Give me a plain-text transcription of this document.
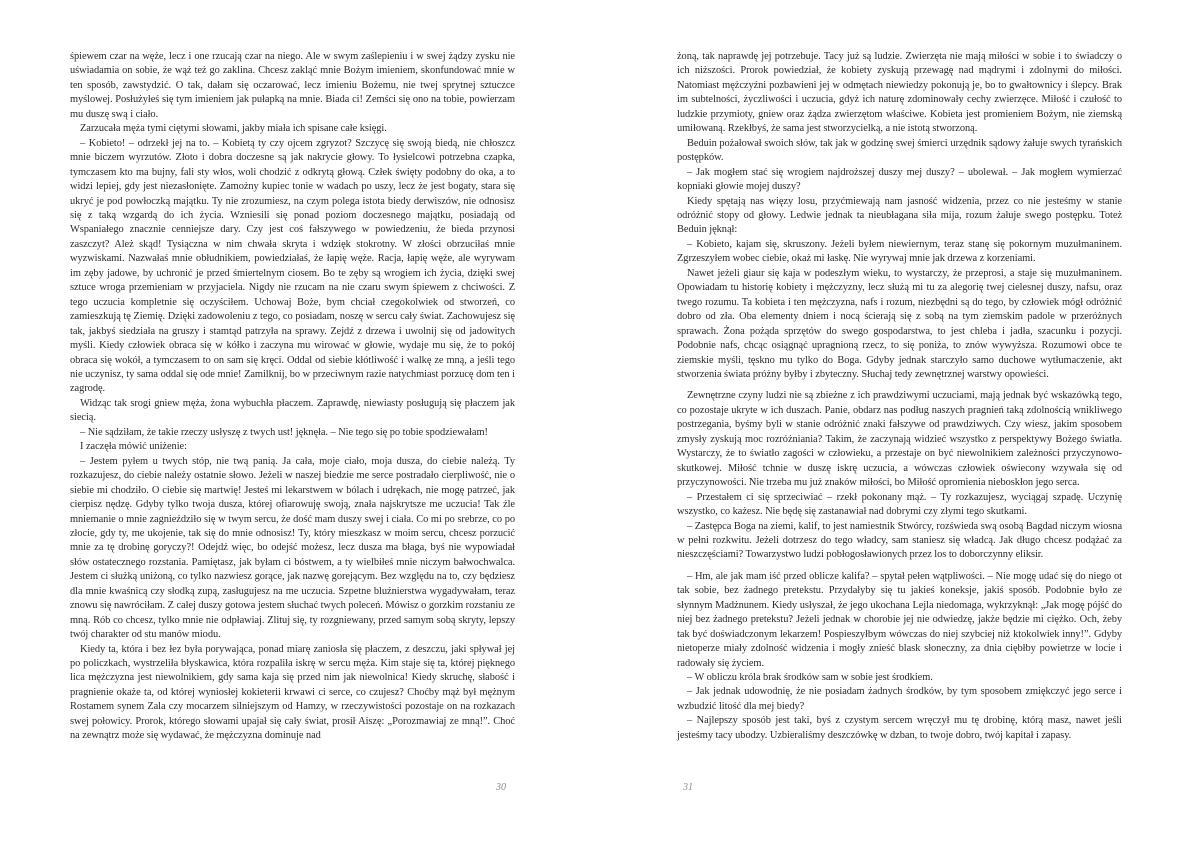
śpiewem czar na węże, lecz i one rzucają czar na niego. Ale w swym zaślepieniu i w swej żądzy zysku nie uświadamia on sobie, że wąż też go zaklina. Chcesz zakląć mnie Bożym imieniem, skonfundować mnie w ten sposób, zawstydzić. O tak, dałam się oczarować, lecz imieniu Bożemu, nie twej sprytnej sztuczce myślowej. Posłużyłeś się tym imieniem jak pułapką na mnie. Biada ci! Zemści się ono na tobie, powierzam mu duszę swą i ciało.

Zarzucała męża tymi ciętymi słowami, jakby miała ich spisane całe księgi.

– Kobieto! – odrzekł jej na to. – Kobietą ty czy ojcem zgryzot? Szczycę się swoją biedą, nie chłoszcz mnie biczem wyrzutów. Złoto i dobra doczesne są jak nakrycie głowy. To łysielcowi potrzebna czapka, tymczasem kto ma bujny, fali sty włos, woli chodzić z odkrytą głową. Człek święty podobny do oka, a to widzi lepiej, gdy jest niezasłonięte. Zamożny kupiec tonie w wadach po uszy, lecz że jest bogaty, stara się ukryć je pod powłoczką majątku. Ty nie zrozumiesz, na czym polega istota biedy derwiszów, nie odnosisz się z taką wzgardą do ich życia. Wzniesili się ponad poziom doczesnego majątku, posiadają od Wspaniałego znacznie cenniejsze dary. Czy jest coś fałszywego w powiedzeniu, że bieda przynosi zaszczyt? Ależ skąd! Tysiączna w nim chwała skryta i wdzięk stokrotny. W złości obrzuciłaś mnie wyzwiskami. Nazwałaś mnie obłudnikiem, powiedziałaś, że łapię węże. Racja, łapię węże, ale wyrywam im zęby jadowe, by uchronić je przed śmiertelnym ciosem. Bo te zęby są wrogiem ich życia, dzięki swej sztuce wroga przemieniam w przyjaciela. Nigdy nie rzucam na nie czaru swym śpiewem z chciwości. Z tego uczucia kompletnie się oczyściłem. Uchowaj Boże, bym chciał czegokolwiek od stworzeń, co zamieszkują tę Ziemię. Dzięki zadowoleniu z tego, co posiadam, noszę w sercu cały świat. Zachowujesz się tak, jakbyś siedziała na gruszy i stamtąd patrzyła na sprawy. Zejdź z drzewa i uwolnij się od jadowitych myśli. Kiedy człowiek obraca się w kółko i zaczyna mu wirować w głowie, wydaje mu się, że to pokój obraca się wokół, a tymczasem to on sam się kręci. Oddal od siebie kłótliwość i walkę ze mną, a jeśli tego nie uczynisz, ty sama oddal się ode mnie! Zamilknij, bo w przeciwnym razie natychmiast porzucę dom ten i zagrodę.

Widząc tak srogi gniew męża, żona wybuchła płaczem. Zaprawdę, niewiasty posługują się płaczem jak siecią.

– Nie sądziłam, że takie rzeczy usłyszę z twych ust! jęknęła. – Nie tego się po tobie spodziewałam!

I zaczęła mówić uniżenie:

– Jestem pyłem u twych stóp, nie twą panią. Ja cała, moje ciało, moja dusza, do ciebie należą. Ty rozkazujesz, do ciebie należy ostatnie słowo. Jeżeli w naszej biedzie me serce postradało cierpliwość, nie o siebie mi chodziło. O ciebie się martwię! Jesteś mi lekarstwem w bólach i udrękach, nie mogę patrzeć, jak cierpisz nędzę. Gdyby tylko twoja dusza, której ofiarowuję swoją, znała najskrytsze me uczucia! Tak źle mniemanie o mnie zagnieździło się w twym sercu, że dość mam duszy swej i ciała. Co mi po srebrze, co po złocie, gdy ty, me ukojenie, tak się do mnie odnosisz! Ty, który mieszkasz w moim sercu, chcesz porzucić mnie za tę drobinę goryczy?! Odejdź więc, bo odejść możesz, lecz dusza ma błaga, byś nie wypowiadał słów ostatecznego rozstania. Pamiętasz, jak byłam ci bóstwem, a ty wielbiłeś mnie niczym bałwochwalca. Jestem ci służką uniżoną, co tylko nazwiesz gorące, jak nazwę gorejącym. Bez względu na to, czy będziesz dla mnie kwaśnicą czy słodką zupą, zasługujesz na me uczucia. Szpetne bluźnierstwa wygadywałam, teraz znowu się nawróciłam. Z całej duszy gotowa jestem słuchać twych poleceń. Mówisz o gorzkim rozstaniu ze mną. Rób co chcesz, tylko mnie nie odpławiaj. Zlituj się, ty rozgniewany, przed samym sobą skryty, lepszy twój charakter od stu manów miodu.

Kiedy ta, która i bez łez była porywająca, ponad miarę zaniosła się płaczem, z deszczu, jaki spływał jej po policzkach, wystrzeliła błyskawica, która rozpaliła iskrę w sercu męża. Kim staje się ta, której pięknego lica mężczyzna jest niewolnikiem, gdy sama kaja się przed nim jak niewolnica! Kiedy skruchę, słabość i pragnienie okaże ta, od której wyniosłej kokieterii krwawi ci serce, co czujesz? Choćby mąż był mężnym Rostamem synem Zala czy mocarzem silniejszym od Hamzy, w rzeczywistości pozostaje on na rozkazach swej połowicy. Prorok, którego słowami upajał się cały świat, prosił Aiszę: „Porozmawiaj ze mną!”. Choć na zewnątrz może się wydawać, że mężczyzna dominuje nad

30

żoną, tak naprawdę jej potrzebuje. Tacy już są ludzie. Zwierzęta nie mają miłości w sobie i to świadczy o ich niższości. Prorok powiedział, że kobiety zyskują przewagę nad mądrymi i zdolnymi do miłości. Natomiast mężczyźni pozbawieni jej w odmętach niewiedzy pokonują je, bo to gwałtownicy i ślepcy. Brak im subtelności, życzliwości i uczucia, gdyż ich naturę zdominowały cechy zwierzęce. Miłość i czułość to ludzkie przymioty, gniew oraz żądza zwierzętom właściwe. Kobieta jest promieniem Bożym, nie ziemską umiłowaną. Rzekłbyś, że sama jest stworzycielką, a nie istotą stworzoną.

Beduin pożałował swoich słów, tak jak w godzinę swej śmierci urzędnik sądowy żałuje swych tyrańskich postępków.

– Jak mogłem stać się wrogiem najdroższej duszy mej duszy? – ubolewał. – Jak mogłem wymierzać kopniaki głowie mojej duszy?

Kiedy spętają nas więzy losu, przyćmiewają nam jasność widzenia, przez co nie jesteśmy w stanie odróżnić stopy od głowy. Ledwie jednak ta nieubłagana siła mija, rozum żałuje swego postępku. Toteż Beduin jęknął:

– Kobieto, kajam się, skruszony. Jeżeli byłem niewiernym, teraz stanę się pokornym muzułmaninem. Zgrzeszyłem wobec ciebie, okaż mi łaskę. Nie wyrywaj mnie jak drzewa z korzeniami.

Nawet jeżeli giaur się kaja w podeszłym wieku, to wystarczy, że przeprosi, a staje się muzułmaninem. Opowiadam tu historię kobiety i mężczyzny, lecz służą mi tu za alegorię twej cielesnej duszy, nafsu, oraz twego rozumu. Ta kobieta i ten mężczyzna, nafs i rozum, niezbędni są do tego, by człowiek mógł odróżnić dobro od zła. Oba elementy dniem i nocą ścierają się z sobą na tym ziemskim padole w przeróżnych sprawach. Żona pożąda sprzętów do swego gospodarstwa, to jest chleba i jadła, szacunku i pozycji. Podobnie nafs, chcąc osiągnąć upragnioną rzecz, to się poniża, to znów wywyższa. Rozumowi obce te ziemskie myśli, tęskno mu tylko do Boga. Gdyby jednak starczyło samo duchowe wytłumaczenie, akt stworzenia świata próżny byłby i zbyteczny. Słuchaj tedy zewnętrznej warstwy opowieści.

Zewnętrzne czyny ludzi nie są zbieżne z ich prawdziwymi uczuciami, mają jednak być wskazówką tego, co pozostaje ukryte w ich duszach. Panie, obdarz nas podług naszych pragnień taką zdolnością wnikliwego postrzegania, byśmy byli w stanie odróżnić znaki fałszywe od prawdziwych. Czy wiesz, jakim sposobem zmysły zyskują moc rozróżniania? Takim, że zaczynają widzieć wszystko z perspektywy Bożego światła. Wystarczy, że to światło zagości w człowieku, a przestaje on być niewolnikiem zależności przyczynowo-skutkowej. Miłość tchnie w duszę iskrę uczucia, a wówczas człowiek oświecony wzywała się od przyczynowości. Nie trzeba mu już znaków miłości, bo Miłość opromienia nieboskłon jego serca.

– Przestałem ci się sprzeciwiać – rzekł pokonany mąż. – Ty rozkazujesz, wyciągaj szpadę. Uczynię wszystko, co każesz. Nie będę się zastanawiał nad dobrymi czy złymi tego skutkami.

– Zastępca Boga na ziemi, kalif, to jest namiestnik Stwórcy, rozświeda swą osobą Bagdad niczym wiosna w pełni rozkwitu. Jeżeli dotrzesz do tego władcy, sam staniesz się władcą. Jak długo chcesz podążać za nieszczęściami? Towarzystwo ludzi pobłogosławionych przez los to doborczynny eliksir.

– Hm, ale jak mam iść przed oblicze kalifa? – spytał pełen wątpliwości. – Nie mogę udać się do niego ot tak sobie, bez żadnego pretekstu. Przydałyby się tu jakieś koneksje, jakiś sposób. Podobnie było ze słynnym Madżnunem. Kiedy usłyszał, że jego ukochana Lejla niedomaga, wykrzyknął: „Jak mogę pójść do niej bez żadnego pretekstu? Jeżeli jednak w chorobie jej nie odwiedzę, jakże będzie mi ciężko. Och, żeby tak być doświadczonym lekarzem! Pospieszyłbym wówczas do niej szybciej niż ktokolwiek inny!”. Gdyby nietoperze miały zdolność widzenia i mogły znieść blask słoneczny, za dnia ciębłby powietrze w locie i radowały się życiem.

– W obliczu króla brak środków sam w sobie jest środkiem.

– Jak jednak udowodnię, że nie posiadam żadnych środków, by tym sposobem zmiękczyć jego serce i wzbudzić litość dla mej biedy?

– Najlepszy sposób jest taki, byś z czystym sercem wręczył mu tę drobinę, którą masz, nawet jeśli jesteśmy tacy ubodzy. Uzbieraliśmy deszczówkę w dzban, to twoje dobro, twój kapitał i zapasy.

31
